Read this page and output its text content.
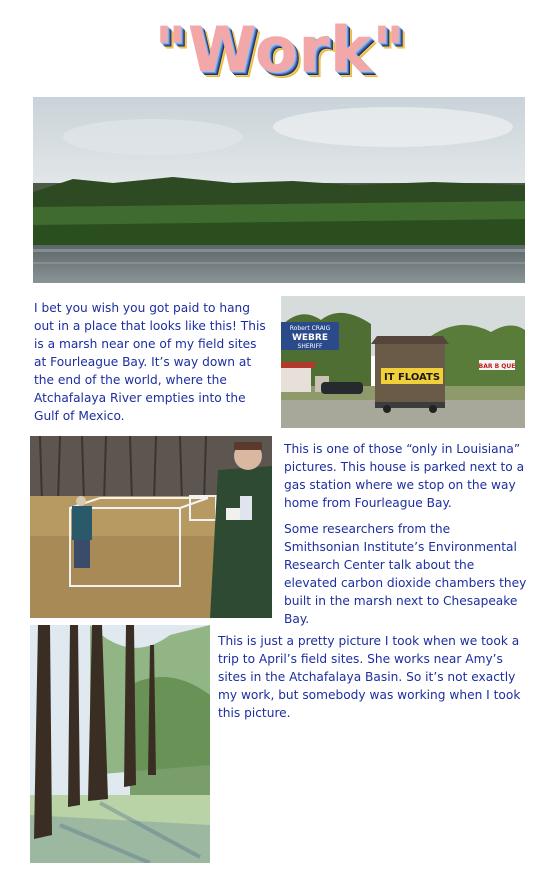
"Work"

I bet you wish you got paid to hang out in a place that looks like this! This is a marsh near one of my field sites at Fourleague Bay. It’s way down at the end of the world, where the Atchafalaya River empties into the Gulf of Mexico.

Robert CRAIG
WEBRE
SHERIFF
IT FLOATS
BAR B QUE

This is one of those “only in Louisiana” pictures. This house is parked next to a gas station where we stop on the way home from Fourleague Bay.

Some researchers from the Smithsonian Institute’s Environmental Research Center talk about the elevated carbon dioxide chambers they built in the marsh next to Chesapeake Bay.

This is just a pretty picture I took when we took a trip to April’s field sites. She works near Amy’s sites in the Atchafalaya Basin. So it’s not exactly my work, but somebody was working when I took this picture.
